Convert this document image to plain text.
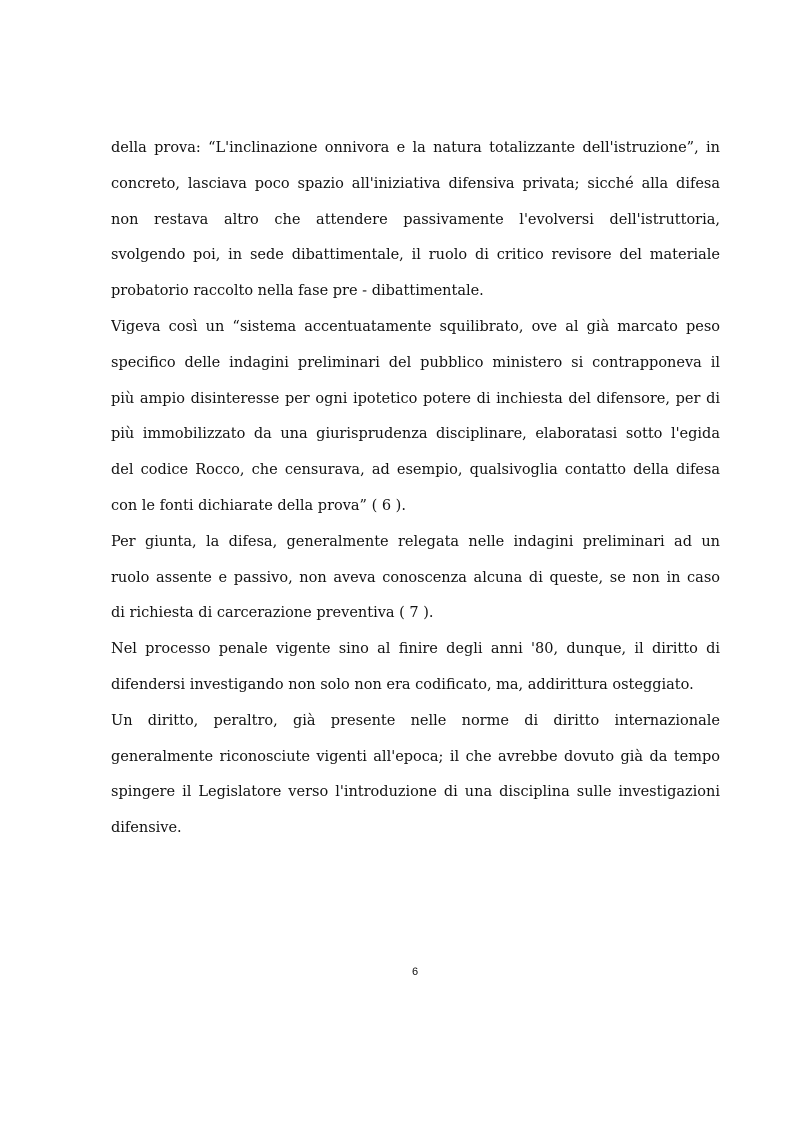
della prova: “L'inclinazione onnivora e la natura totalizzante dell'istruzione”, in
concreto, lasciava poco spazio all'iniziativa difensiva privata; sicché alla difesa
non restava altro che attendere passivamente l'evolversi dell'istruttoria,
svolgendo poi, in sede dibattimentale, il ruolo di critico revisore del materiale
probatorio raccolto nella fase pre - dibattimentale.
Vigeva così un “sistema accentuatamente squilibrato, ove al già marcato peso
specifico delle indagini preliminari del pubblico ministero si contrapponeva il
più ampio disinteresse per ogni ipotetico potere di inchiesta del difensore, per di
più immobilizzato da una giurisprudenza disciplinare, elaboratasi sotto l'egida
del codice Rocco, che censurava, ad esempio, qualsivoglia contatto della difesa
con le fonti dichiarate della prova” ( 6 ).
Per giunta, la difesa, generalmente relegata nelle indagini preliminari ad un
ruolo assente e passivo, non aveva conoscenza alcuna di queste, se non in caso
di richiesta di carcerazione preventiva ( 7 ).
Nel processo penale vigente sino al finire degli anni '80, dunque, il diritto di
difendersi investigando non solo non era codificato, ma, addirittura osteggiato.
Un diritto, peraltro, già presente nelle norme di diritto internazionale
generalmente riconosciute vigenti all'epoca; il che avrebbe dovuto già da tempo
spingere il Legislatore verso l'introduzione di una disciplina sulle investigazioni
difensive.
6
